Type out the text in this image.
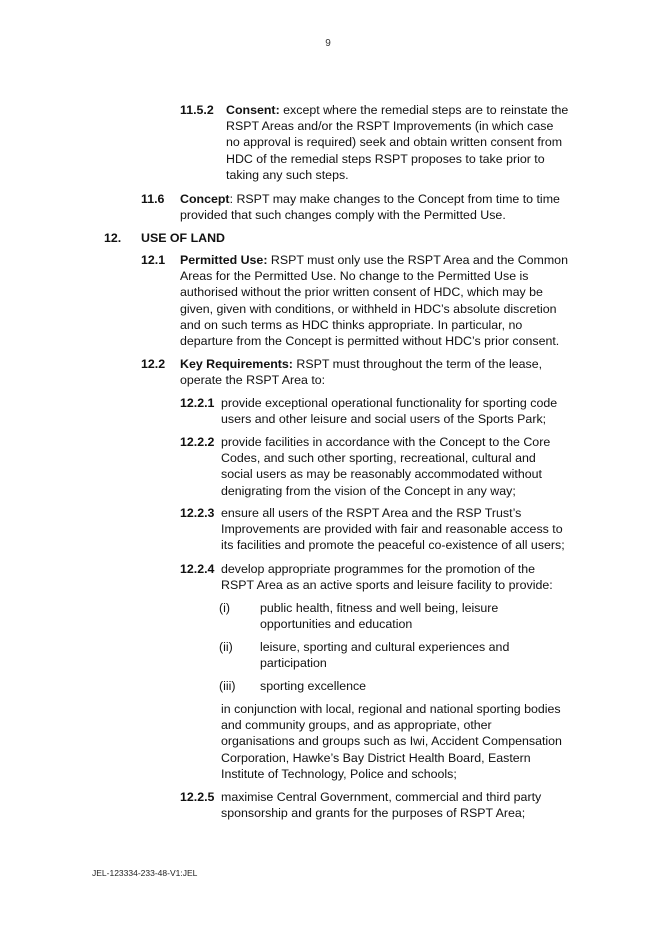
9
11.5.2 Consent: except where the remedial steps are to reinstate the RSPT Areas and/or the RSPT Improvements (in which case no approval is required) seek and obtain written consent from HDC of the remedial steps RSPT proposes to take prior to taking any such steps.
11.6	Concept: RSPT may make changes to the Concept from time to time provided that such changes comply with the Permitted Use.
12. USE OF LAND
12.1	Permitted Use: RSPT must only use the RSPT Area and the Common Areas for the Permitted Use. No change to the Permitted Use is authorised without the prior written consent of HDC, which may be given, given with conditions, or withheld in HDC’s absolute discretion and on such terms as HDC thinks appropriate. In particular, no departure from the Concept is permitted without HDC’s prior consent.
12.2	Key Requirements: RSPT must throughout the term of the lease, operate the RSPT Area to:
12.2.1 provide exceptional operational functionality for sporting code users and other leisure and social users of the Sports Park;
12.2.2 provide facilities in accordance with the Concept to the Core Codes, and such other sporting, recreational, cultural and social users as may be reasonably accommodated without denigrating from the vision of the Concept in any way;
12.2.3 ensure all users of the RSPT Area and the RSP Trust’s Improvements are provided with fair and reasonable access to its facilities and promote the peaceful co-existence of all users;
12.2.4 develop appropriate programmes for the promotion of the RSPT Area as an active sports and leisure facility to provide:
(i)	public health, fitness and well being, leisure opportunities and education
(ii)	leisure, sporting and cultural experiences and participation
(iii)	sporting excellence
in conjunction with local, regional and national sporting bodies and community groups, and as appropriate, other organisations and groups such as Iwi, Accident Compensation Corporation, Hawke’s Bay District Health Board, Eastern Institute of Technology, Police and schools;
12.2.5 maximise Central Government, commercial and third party sponsorship and grants for the purposes of RSPT Area;
JEL-123334-233-48-V1:JEL
